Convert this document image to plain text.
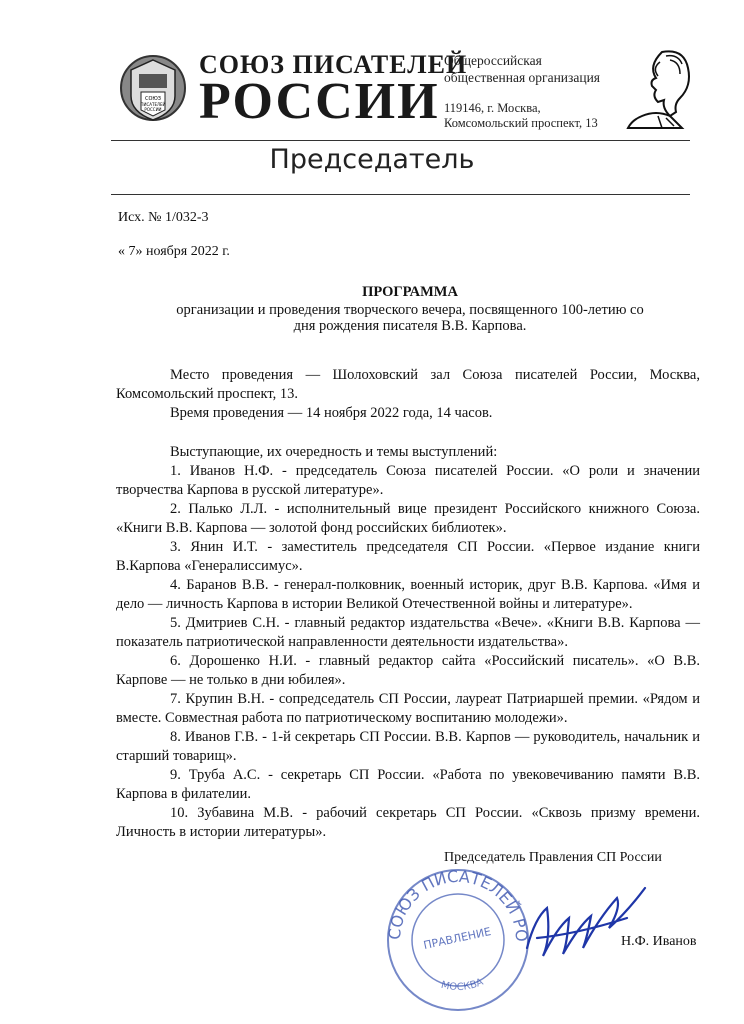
СОЮЗ
ПИСАТЕЛЕЙ
РОССИИ
СОЮЗ ПИСАТЕЛЕЙ
РОССИИ
Общероссийская
общественная организация
119146, г. Москва,
Комсомольский проспект, 13
Председатель
Исх. № 1/032-3
« 7» ноября 2022 г.
ПРОГРАММА
организации и проведения творческого вечера, посвященного 100-летию со
дня рождения писателя В.В. Карпова.

Место проведения — Шолоховский зал Союза писателей России, Москва, Комсомольский проспект, 13.

Время проведения — 14 ноября 2022 года, 14 часов.

Выступающие, их очередность и темы выступлений:

1. Иванов Н.Ф. - председатель Союза писателей России. «О роли и значении творчества Карпова в русской литературе».

2. Палько Л.Л. - исполнительный вице президент Российского книжного Союза. «Книги В.В. Карпова — золотой фонд российских библиотек».

3. Янин И.Т. - заместитель председателя СП России. «Первое издание книги В.Карпова «Генералиссимус».

4. Баранов В.В. - генерал-полковник, военный историк, друг В.В. Карпова. «Имя и дело — личность Карпова в истории Великой Отечественной войны и литературе».

5. Дмитриев С.Н. - главный редактор издательства «Вече». «Книги В.В. Карпова — показатель патриотической направленности деятельности издательства».

6. Дорошенко Н.И. - главный редактор сайта «Российский писатель». «О В.В. Карпове — не только в дни юбилея».

7. Крупин В.Н. - сопредседатель СП России, лауреат Патриаршей премии. «Рядом и вместе. Совместная работа по патриотическому воспитанию молодежи».

8. Иванов Г.В. - 1-й секретарь СП России. В.В. Карпов — руководитель, начальник и старший товарищ».

9. Труба А.С. - секретарь СП России. «Работа по увековечиванию памяти В.В. Карпова в филателии.

10. Зубавина М.В. - рабочий секретарь СП России. «Сквозь призму времени. Личность в истории литературы».

Председатель Правления СП России
СОЮЗ ПИСАТЕЛЕЙ РО
МОСКВА
ПРАВЛЕНИЕ	Н.Ф. Иванов
